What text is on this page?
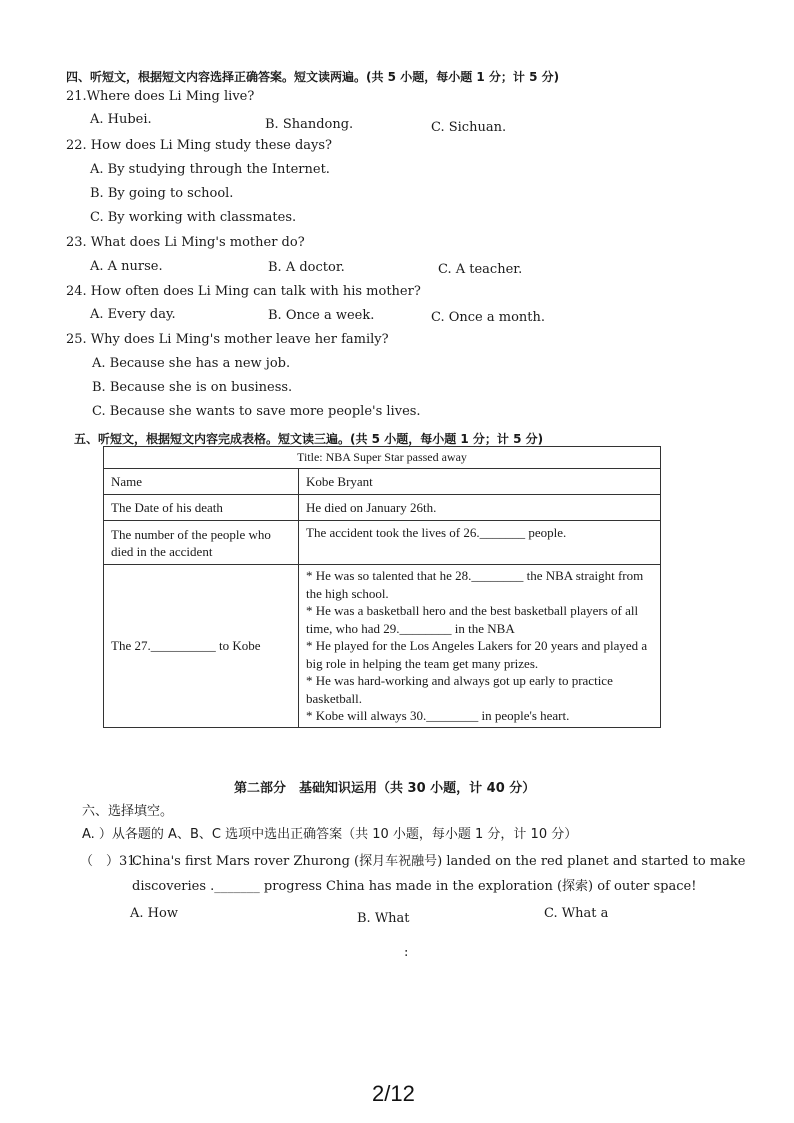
四、听短文，根据短文内容选择正确答案。短文读两遍。(共 5 小题，每小题 1 分；计 5 分)
21.Where does Li Ming live?
A. Hubei.	B. Shandong.	C. Sichuan.
22. How does Li Ming study these days?
A. By studying through the Internet.
B. By going to school.
C. By working with classmates.
23. What does Li Ming's mother do?
A. A nurse.	B. A doctor.	C. A teacher.
24. How often does Li Ming can talk with his mother?
A. Every day.	B. Once a week.	C. Once a month.
25. Why does Li Ming's mother leave her family?
A. Because she has a new job.
B. Because she is on business.
C. Because she wants to save more people's lives.
五、听短文，根据短文内容完成表格。短文读三遍。(共 5 小题，每小题 1 分；计 5 分)
Title: NBA Super Star passed away	
Name	Kobe Bryant
The Date of his death	He died on January 26th.
The number of the people who died in the accident	The accident took the lives of 26._______ people.
The 27.__________ to Kobe	* He was so talented that he 28.________ the NBA straight from the high school.
* He was a basketball hero and the best basketball players of all time, who had 29.________ in the NBA
* He played for the Los Angeles Lakers for 20 years and played a big role in helping the team get many prizes.
* He was hard-working and always got up early to practice basketball.
* Kobe will always 30.________ in people's heart.
第二部分　基础知识运用（共 30 小题，计 40 分）
六、选择填空。
A. ）从各题的 A、B、C 选项中选出正确答案（共 10 小题，每小题 1 分，计 10 分）
（　）31.
China's first Mars rover Zhurong (探月车祝融号) landed on the red planet and started to make
discoveries ._______ progress China has made in the exploration (探索) of outer space!
A. How	B. What	C. What a
:
2/12
